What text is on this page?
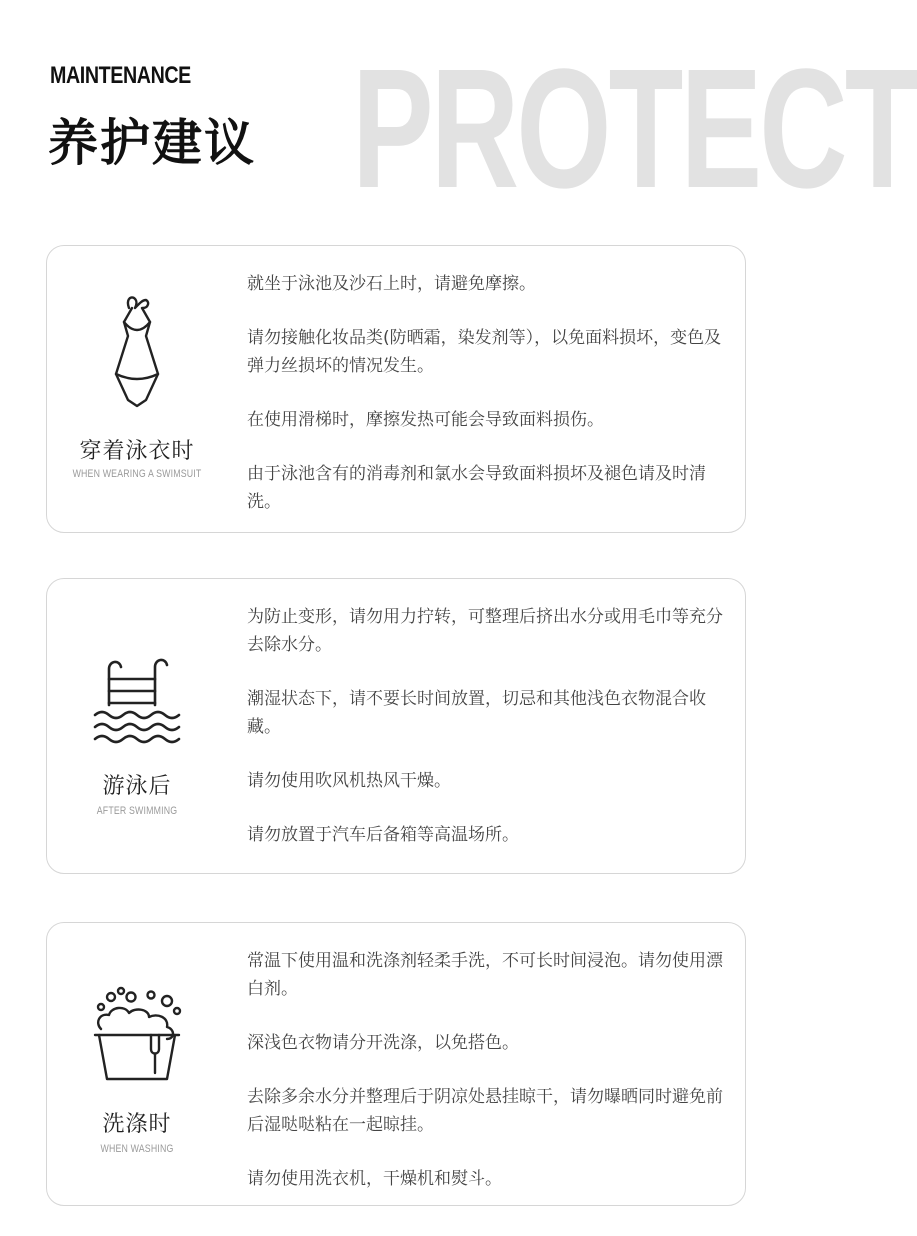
PROTECT
MAINTENANCE
养护建议
穿着泳衣时
WHEN WEARING A SWIMSUIT

就坐于泳池及沙石上时，请避免摩擦。

请勿接触化妆品类(防晒霜，染发剂等），以免面料损坏，变色及弹力丝损坏的情况发生。

在使用滑梯时，摩擦发热可能会导致面料损伤。

由于泳池含有的消毒剂和氯水会导致面料损坏及褪色请及时清洗。

游泳后
AFTER SWIMMING

为防止变形，请勿用力拧转，可整理后挤出水分或用毛巾等充分去除水分。

潮湿状态下，请不要长时间放置，切忌和其他浅色衣物混合收藏。

请勿使用吹风机热风干燥。

请勿放置于汽车后备箱等高温场所。

洗涤时
WHEN WASHING

常温下使用温和洗涤剂轻柔手洗，不可长时间浸泡。请勿使用漂白剂。

深浅色衣物请分开洗涤，以免搭色。

去除多余水分并整理后于阴凉处悬挂晾干，请勿曝晒同时避免前后湿哒哒粘在一起晾挂。

请勿使用洗衣机，干燥机和熨斗。
